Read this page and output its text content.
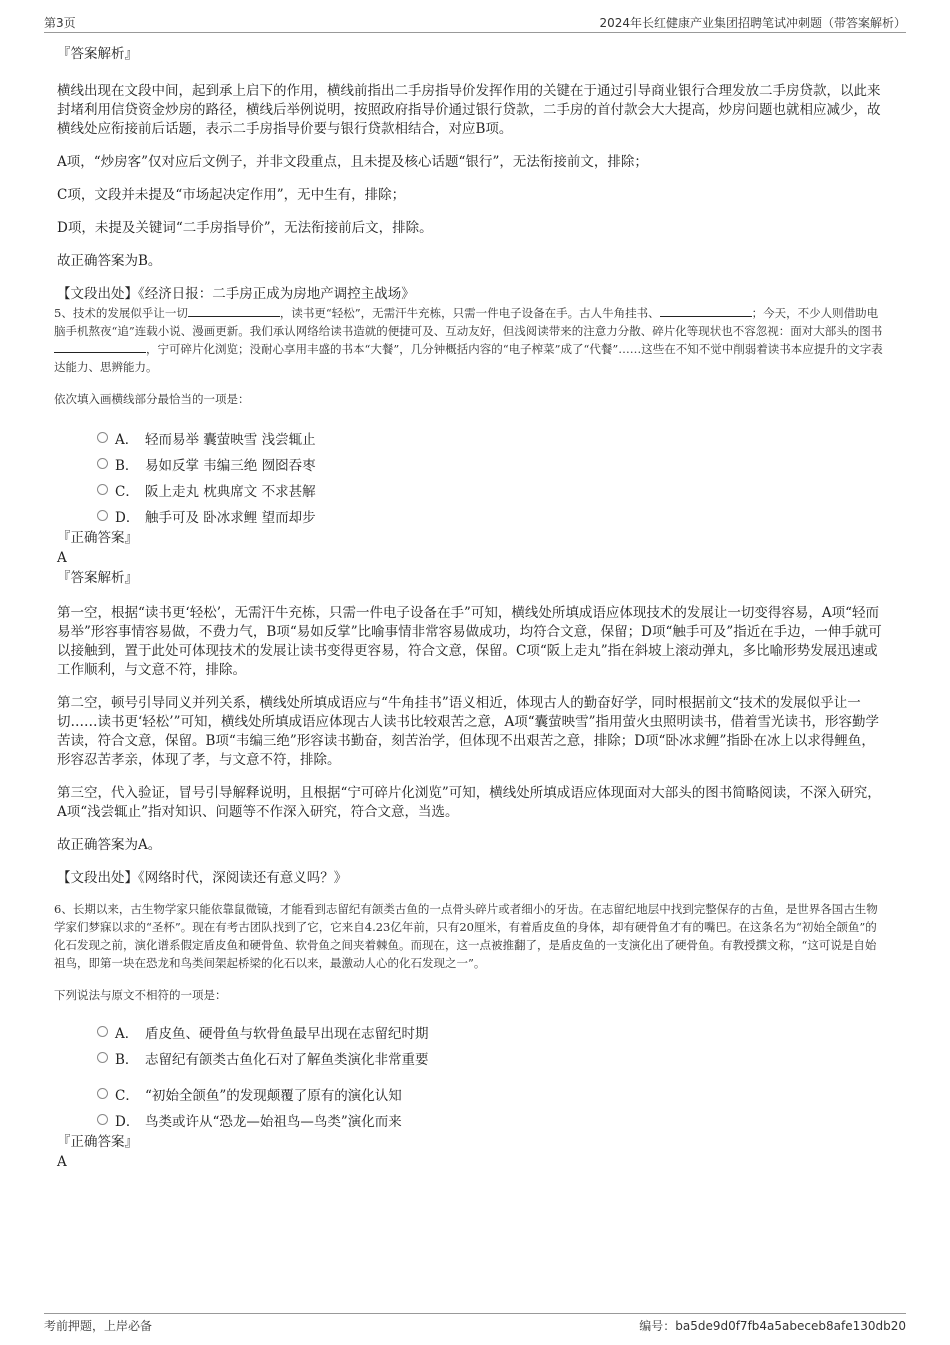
第3页	2024年长红健康产业集团招聘笔试冲刺题（带答案解析）

『答案解析』

横线出现在文段中间，起到承上启下的作用，横线前指出二手房指导价发挥作用的关键在于通过引导商业银行合理发放二手房贷款，以此来封堵利用信贷资金炒房的路径，横线后举例说明，按照政府指导价通过银行贷款，二手房的首付款会大大提高，炒房问题也就相应减少，故横线处应衔接前后话题，表示二手房指导价要与银行贷款相结合，对应B项。

A项，“炒房客”仅对应后文例子，并非文段重点，且未提及核心话题“银行”，无法衔接前文，排除；

C项，文段并未提及“市场起决定作用”，无中生有，排除；

D项，未提及关键词“二手房指导价”，无法衔接前后文，排除。

故正确答案为B。

【文段出处】《经济日报：二手房正成为房地产调控主战场》

5、技术的发展似乎让一切	，读书更“轻松”，无需汗牛充栋，只需一件电子设备在手。古人牛角挂书、	；今天，不少人则借助电脑手机熬夜“追”连载小说、漫画更新。我们承认网络给读书造就的便捷可及、互动友好，但浅阅读带来的注意力分散、碎片化等现状也不容忽视：面对大部头的图书，宁可碎片化浏览；没耐心享用丰盛的书本“大餐”，几分钟概括内容的“电子榨菜”成了“代餐”……这些在不知不觉中削弱着读书本应提升的文字表达能力、思辨能力。

依次填入画横线部分最恰当的一项是：

A． 轻而易举 囊萤映雪 浅尝辄止
B． 易如反掌 韦编三绝 囫囵吞枣
C． 阪上走丸 枕典席文 不求甚解
D． 触手可及 卧冰求鲤 望而却步

『正确答案』

A

『答案解析』

第一空，根据“读书更‘轻松’，无需汗牛充栋，只需一件电子设备在手”可知，横线处所填成语应体现技术的发展让一切变得容易，A项“轻而易举”形容事情容易做，不费力气，B项“易如反掌”比喻事情非常容易做成功，均符合文意，保留；D项“触手可及”指近在手边，一伸手就可以接触到，置于此处可体现技术的发展让读书变得更容易，符合文意，保留。C项“阪上走丸”指在斜坡上滚动弹丸，多比喻形势发展迅速或工作顺利，与文意不符，排除。

第二空，顿号引导同义并列关系，横线处所填成语应与“牛角挂书”语义相近，体现古人的勤奋好学，同时根据前文“技术的发展似乎让一切……读书更‘轻松’”可知，横线处所填成语应体现古人读书比较艰苦之意，A项“囊萤映雪”指用萤火虫照明读书，借着雪光读书，形容勤学苦读，符合文意，保留。B项“韦编三绝”形容读书勤奋，刻苦治学，但体现不出艰苦之意，排除；D项“卧冰求鲤”指卧在冰上以求得鲤鱼，形容忍苦孝亲，体现了孝，与文意不符，排除。

第三空，代入验证，冒号引导解释说明，且根据“宁可碎片化浏览”可知，横线处所填成语应体现面对大部头的图书简略阅读，不深入研究，A项“浅尝辄止”指对知识、问题等不作深入研究，符合文意，当选。

故正确答案为A。

【文段出处】《网络时代，深阅读还有意义吗？》

6、长期以来，古生物学家只能依靠鼠微镜，才能看到志留纪有颌类古鱼的一点骨头碎片或者细小的牙齿。在志留纪地层中找到完整保存的古鱼，是世界各国古生物学家们梦寐以求的“圣杯”。现在有考古团队找到了它，它来自4.23亿年前，只有20厘米，有着盾皮鱼的身体，却有硬骨鱼才有的嘴巴。在这条名为“初始全颌鱼”的化石发现之前，演化谱系假定盾皮鱼和硬骨鱼、软骨鱼之间夹着棘鱼。而现在，这一点被推翻了，是盾皮鱼的一支演化出了硬骨鱼。有教授撰文称，“这可说是自始祖鸟，即第一块在恐龙和鸟类间架起桥梁的化石以来，最激动人心的化石发现之一”。

下列说法与原文不相符的一项是：

A． 盾皮鱼、硬骨鱼与软骨鱼最早出现在志留纪时期
B． 志留纪有颌类古鱼化石对了解鱼类演化非常重要
C． “初始全颌鱼”的发现颠覆了原有的演化认知
D． 鸟类或许从“恐龙—始祖鸟—鸟类”演化而来

『正确答案』

A

考前押题，上岸必备	编号：ba5de9d0f7fb4a5abeceb8afe130db20
